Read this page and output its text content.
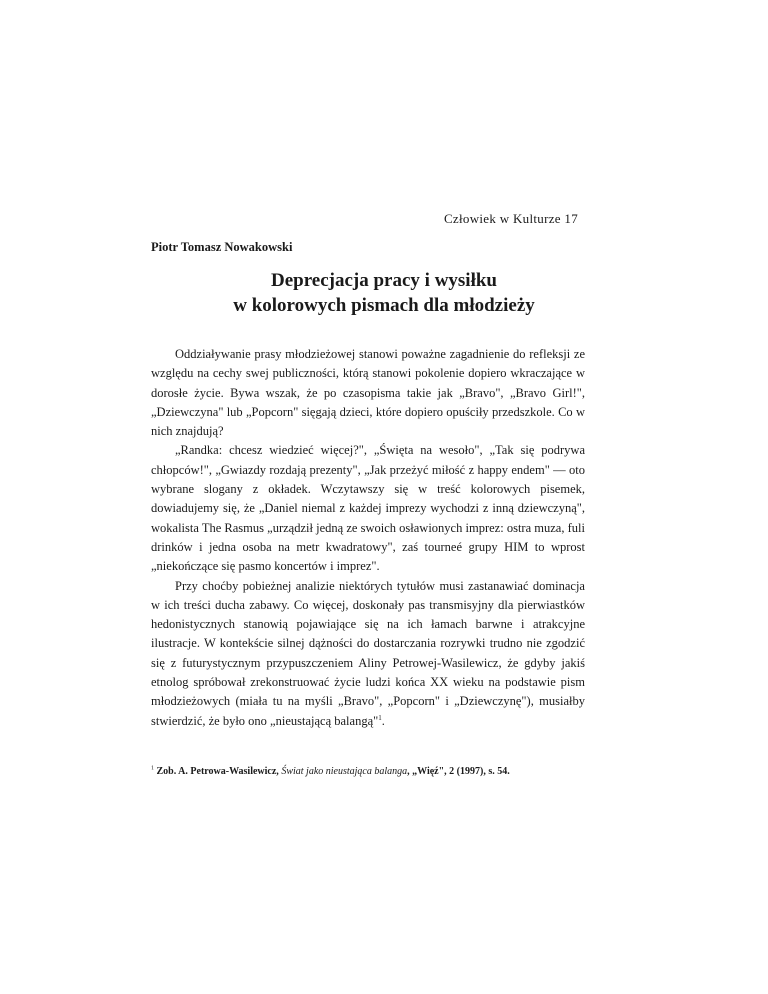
Człowiek w Kulturze 17

Piotr Tomasz Nowakowski

Deprecjacja pracy i wysiłku
w kolorowych pismach dla młodzieży

Oddziaływanie prasy młodzieżowej stanowi poważne zagadnienie do refleksji ze względu na cechy swej publiczności, którą stanowi pokolenie dopiero wkraczające w dorosłe życie. Bywa wszak, że po czasopisma takie jak „Bravo", „Bravo Girl!", „Dziewczyna" lub „Popcorn" sięgają dzieci, które dopiero opuściły przedszkole. Co w nich znajdują?

„Randka: chcesz wiedzieć więcej?", „Święta na wesoło", „Tak się podrywa chłopców!", „Gwiazdy rozdają prezenty", „Jak przeżyć miłość z happy endem" — oto wybrane slogany z okładek. Wczytawszy się w treść kolorowych pisemek, dowiadujemy się, że „Daniel niemal z każdej imprezy wychodzi z inną dziewczyną", wokalista The Rasmus „urządził jedną ze swoich osławionych imprez: ostra muza, fuli drinków i jedna osoba na metr kwadratowy", zaś tourneé grupy HIM to wprost „niekończące się pasmo koncertów i imprez".

Przy choćby pobieżnej analizie niektórych tytułów musi zastanawiać dominacja w ich treści ducha zabawy. Co więcej, doskonały pas transmisyjny dla pierwiastków hedonistycznych stanowią pojawiające się na ich łamach barwne i atrakcyjne ilustracje. W kontekście silnej dążności do dostarczania rozrywki trudno nie zgodzić się z futurystycznym przypuszczeniem Aliny Petrowej-Wasilewicz, że gdyby jakiś etnolog spróbował zrekonstruować życie ludzi końca XX wieku na podstawie pism młodzieżowych (miała tu na myśli „Bravo", „Popcorn" i „Dziewczynę"), musiałby stwierdzić, że było ono „nieustającą balangą"$^1$.

$^1$ Zob. A. Petrowa-Wasilewicz, Świat jako nieustająca balanga, „Więź", 2 (1997), s. 54.
